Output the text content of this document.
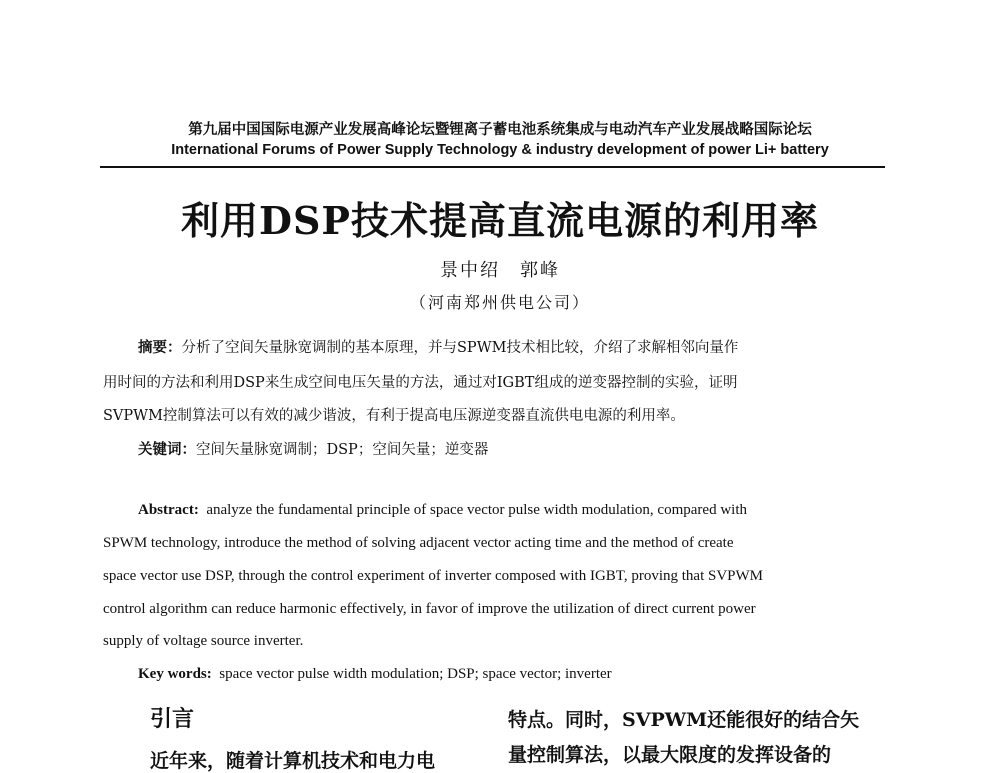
第九届中国国际电源产业发展高峰论坛暨锂离子蓄电池系统集成与电动汽车产业发展战略国际论坛
International Forums of Power Supply Technology & industry development of power Li+ battery
利用DSP技术提高直流电源的利用率
景中绍　郭峰
（河南郑州供电公司）
摘要：分析了空间矢量脉宽调制的基本原理，并与SPWM技术相比较，介绍了求解相邻向量作
用时间的方法和利用DSP来生成空间电压矢量的方法，通过对IGBT组成的逆变器控制的实验，证明
SVPWM控制算法可以有效的减少谐波，有利于提高电压源逆变器直流供电电源的利用率。
关键词：空间矢量脉宽调制；DSP；空间矢量；逆变器
Abstract: analyze the fundamental principle of space vector pulse width modulation, compared with
SPWM technology, introduce the method of solving adjacent vector acting time and the method of create
space vector use DSP, through the control experiment of inverter composed with IGBT, proving that SVPWM
control algorithm can reduce harmonic effectively, in favor of improve the utilization of direct current power
supply of voltage source inverter.
Key words: space vector pulse width modulation; DSP; space vector; inverter
引言
近年来，随着计算机技术和电力电
特点。同时，SVPWM还能很好的结合矢
量控制算法，以最大限度的发挥设备的
